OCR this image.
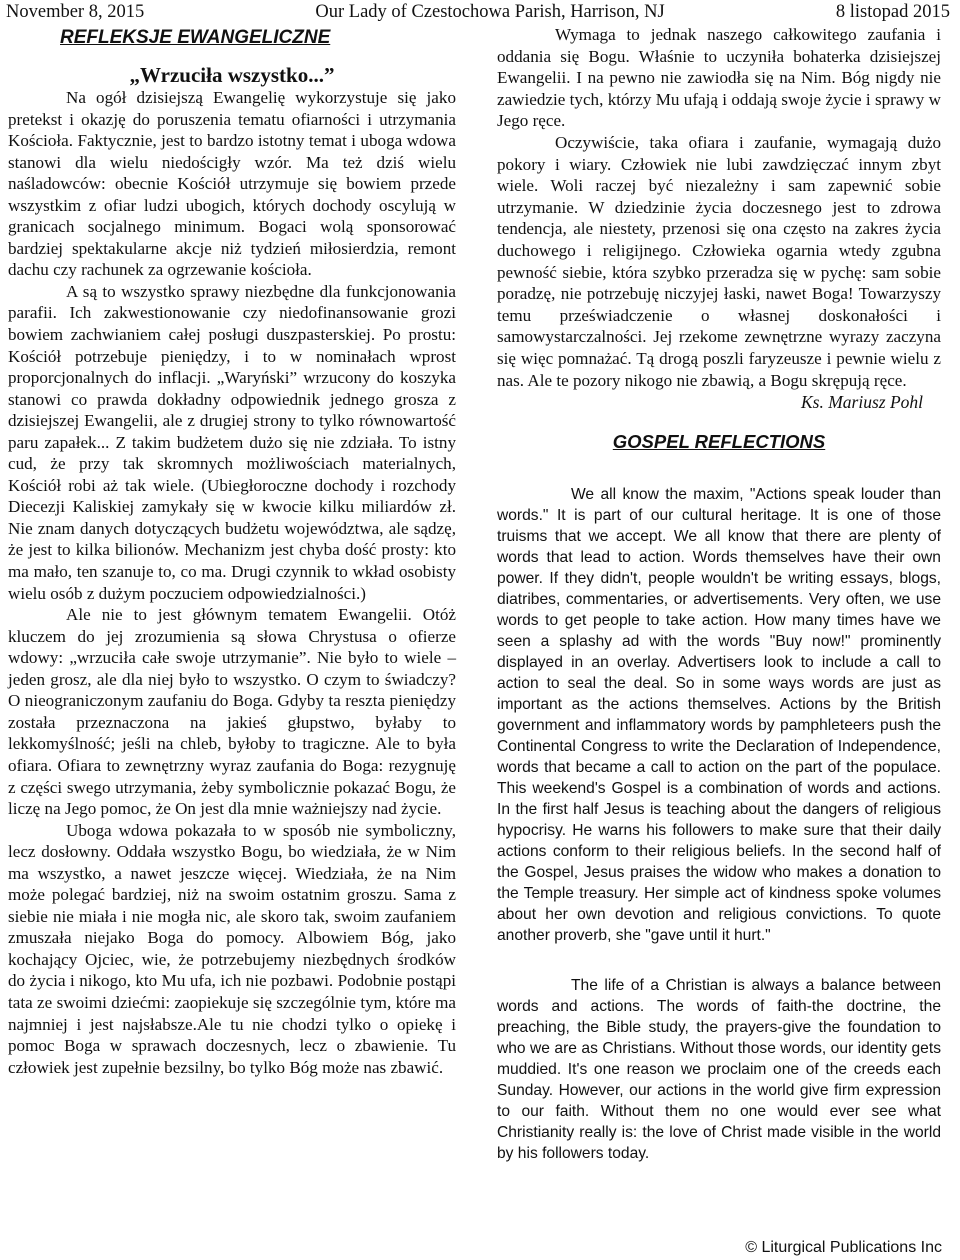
November 8, 2015	Our Lady of Czestochowa Parish, Harrison, NJ	8 listopad 2015
REFLEKSJE EWANGELICZNE
„Wrzuciła wszystko...”

Na ogół dzisiejszą Ewangelię wykorzystuje się jako pretekst i okazję do poruszenia tematu ofiarności i utrzymania Kościoła. Faktycznie, jest to bardzo istotny temat i uboga wdowa stanowi dla wielu niedościgły wzór. Ma też dziś wielu naśladowców: obecnie Kościół utrzymuje się bowiem przede wszystkim z ofiar ludzi ubogich, których dochody oscylują w granicach socjalnego minimum. Bogaci wolą sponsorować bardziej spektakularne akcje niż tydzień miłosierdzia, remont dachu czy rachunek za ogrzewanie kościoła.

A są to wszystko sprawy niezbędne dla funkcjonowania parafii. Ich zakwestionowanie czy niedofinansowanie grozi bowiem zachwianiem całej posługi duszpasterskiej. Po prostu: Kościół potrzebuje pieniędzy, i to w nominałach wprost proporcjonalnych do inflacji. „Waryński” wrzucony do koszyka stanowi co prawda dokładny odpowiednik jednego grosza z dzisiejszej Ewangelii, ale z drugiej strony to tylko równowartość paru zapałek... Z takim budżetem dużo się nie zdziała. To istny cud, że przy tak skromnych możliwościach materialnych, Kościół robi aż tak wiele. (Ubiegłoroczne dochody i rozchody Diecezji Kaliskiej zamykały się w kwocie kilku miliardów zł. Nie znam danych dotyczących budżetu województwa, ale sądzę, że jest to kilka bilionów. Mechanizm jest chyba dość prosty: kto ma mało, ten szanuje to, co ma. Drugi czynnik to wkład osobisty wielu osób z dużym poczuciem odpowiedzialności.)

Ale nie to jest głównym tematem Ewangelii. Otóż kluczem do jej zrozumienia są słowa Chrystusa o ofierze wdowy: „wrzuciła całe swoje utrzymanie”. Nie było to wiele – jeden grosz, ale dla niej było to wszystko. O czym to świadczy? O nieograniczonym zaufaniu do Boga. Gdyby ta reszta pieniędzy została przeznaczona na jakieś głupstwo, byłaby to lekkomyślność; jeśli na chleb, byłoby to tragiczne. Ale to była ofiara. Ofiara to zewnętrzny wyraz zaufania do Boga: rezygnuję z części swego utrzymania, żeby symbolicznie pokazać Bogu, że liczę na Jego pomoc, że On jest dla mnie ważniejszy nad życie.

Uboga wdowa pokazała to w sposób nie symboliczny, lecz dosłowny. Oddała wszystko Bogu, bo wiedziała, że w Nim ma wszystko, a nawet jeszcze więcej. Wiedziała, że na Nim może polegać bardziej, niż na swoim ostatnim groszu. Sama z siebie nie miała i nie mogła nic, ale skoro tak, swoim zaufaniem zmuszała niejako Boga do pomocy. Albowiem Bóg, jako kochający Ojciec, wie, że potrzebujemy niezbędnych środków do życia i nikogo, kto Mu ufa, ich nie pozbawi. Podobnie postąpi tata ze swoimi dziećmi: zaopiekuje się szczególnie tym, które ma najmniej i jest najsłabsze.Ale tu nie chodzi tylko o opiekę i pomoc Boga w sprawach doczesnych, lecz o zbawienie. Tu człowiek jest zupełnie bezsilny, bo tylko Bóg może nas zbawić.

Wymaga to jednak naszego całkowitego zaufania i oddania się Bogu. Właśnie to uczyniła bohaterka dzisiejszej Ewangelii. I na pewno nie zawiodła się na Nim. Bóg nigdy nie zawiedzie tych, którzy Mu ufają i oddają swoje życie i sprawy w Jego ręce.

Oczywiście, taka ofiara i zaufanie, wymagają dużo pokory i wiary. Człowiek nie lubi zawdzięczać innym zbyt wiele. Woli raczej być niezależny i sam zapewnić sobie utrzymanie. W dziedzinie życia doczesnego jest to zdrowa tendencja, ale niestety, przenosi się ona często na zakres życia duchowego i religijnego. Człowieka ogarnia wtedy zgubna pewność siebie, która szybko przeradza się w pychę: sam sobie poradzę, nie potrzebuję niczyjej łaski, nawet Boga! Towarzyszy temu przeświadczenie o własnej doskonałości i samowystarczalności. Jej rzekome zewnętrzne wyrazy zaczyna się więc pomnażać. Tą drogą poszli faryzeusze i pewnie wielu z nas. Ale te pozory nikogo nie zbawią, a Bogu skrępują ręce.

Ks. Mariusz Pohl
GOSPEL REFLECTIONS

We all know the maxim, "Actions speak louder than words." It is part of our cultural heritage. It is one of those truisms that we accept. We all know that there are plenty of words that lead to action. Words themselves have their own power. If they didn't, people wouldn't be writing essays, blogs, diatribes, commentaries, or advertisements. Very often, we use words to get people to take action. How many times have we seen a splashy ad with the words "Buy now!" prominently displayed in an overlay. Advertisers look to include a call to action to seal the deal. So in some ways words are just as important as the actions themselves. Actions by the British government and inflammatory words by pamphleteers push the Continental Congress to write the Declaration of Independence, words that became a call to action on the part of the populace. This weekend's Gospel is a combination of words and actions. In the first half Jesus is teaching about the dangers of religious hypocrisy. He warns his followers to make sure that their daily actions conform to their religious beliefs. In the second half of the Gospel, Jesus praises the widow who makes a donation to the Temple treasury. Her simple act of kindness spoke volumes about her own devotion and religious convictions. To quote another proverb, she "gave until it hurt."

The life of a Christian is always a balance between words and actions. The words of faith-the doctrine, the preaching, the Bible study, the prayers-give the foundation to who we are as Christians. Without those words, our identity gets muddied. It's one reason we proclaim one of the creeds each Sunday. However, our actions in the world give firm expression to our faith. Without them no one would ever see what Christianity really is: the love of Christ made visible in the world by his followers today.

© Liturgical Publications Inc
